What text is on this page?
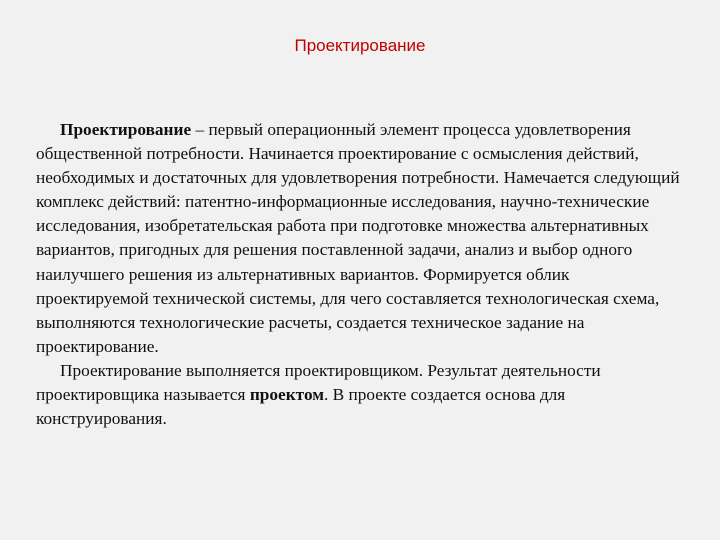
Проектирование

Проектирование – первый операционный элемент процесса удовлетворения общественной потребности. Начинается проектирование с осмысления действий, необходимых и достаточных для удовлетворения потребности. Намечается следующий комплекс действий: патентно-информационные исследования, научно-технические исследования, изобретательская работа при подготовке множества альтернативных вариантов, пригодных для решения поставленной задачи, анализ и выбор одного наилучшего решения из альтернативных вариантов. Формируется облик проектируемой технической системы, для чего составляется технологическая схема, выполняются технологические расчеты, создается техническое задание на проектирование.

Проектирование выполняется проектировщиком. Результат деятельности проектировщика называется проектом. В проекте создается основа для конструирования.
